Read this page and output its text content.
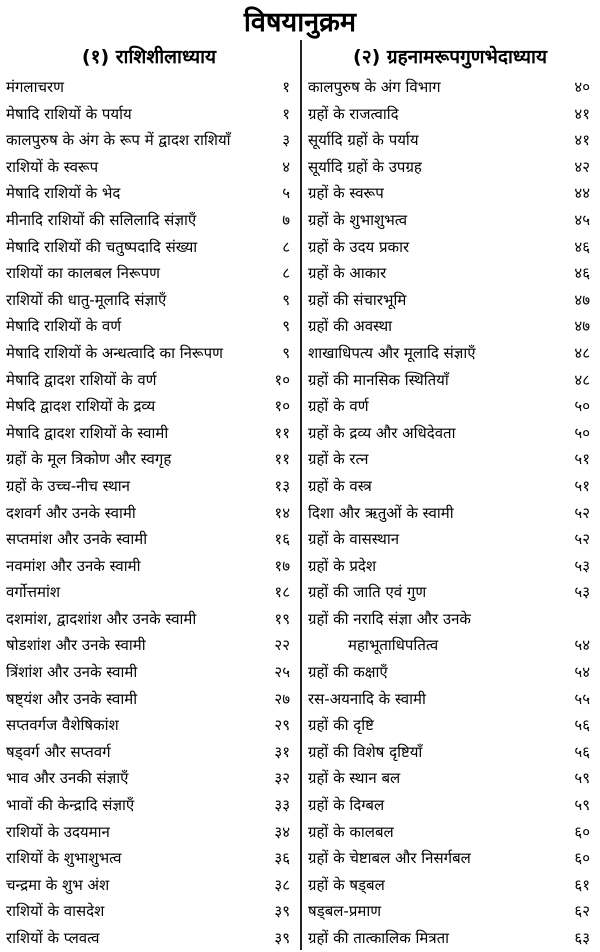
विषयानुक्रम
(१) राशिशीलाध्याय
मंगलाचरण	१
मेषादि राशियों के पर्याय	१
कालपुरुष के अंग के रूप में द्वादश राशियाँ	३
राशियों के स्वरूप	४
मेषादि राशियों के भेद	५
मीनादि राशियों की सलिलादि संज्ञाएँ	७
मेषादि राशियों की चतुष्पदादि संख्या	८
राशियों का कालबल निरूपण	८
राशियों की धातु-मूलादि संज्ञाएँ	९
मेषादि राशियों के वर्ण	९
मेषादि राशियों के अन्धत्वादि का निरूपण	९
मेषादि द्वादश राशियों के वर्ण	१०
मेषदि द्वादश राशियों के द्रव्य	१०
मेषादि द्वादश राशियों के स्वामी	११
ग्रहों के मूल त्रिकोण और स्वगृह	११
ग्रहों के उच्च-नीच स्थान	१३
दशवर्ग और उनके स्वामी	१४
सप्तमांश और उनके स्वामी	१६
नवमांश और उनके स्वामी	१७
वर्गोत्तमांश	१८
दशमांश, द्वादशांश और उनके स्वामी	१९
षोडशांश और उनके स्वामी	२२
त्रिंशांश और उनके स्वामी	२५
षष्ट्यंश और उनके स्वामी	२७
सप्तवर्गज वैशेषिकांश	२९
षड्वर्ग और सप्तवर्ग	३१
भाव और उनकी संज्ञाएँ	३२
भावों की केन्द्रादि संज्ञाएँ	३३
राशियों के उदयमान	३४
राशियों के शुभाशुभत्व	३६
चन्द्रमा के शुभ अंश	३८
राशियों के वासदेश	३९
राशियों के प्लवत्व	३९
(२) ग्रहनामरूपगुणभेदाध्याय
कालपुरुष के अंग विभाग	४०
ग्रहों के राजत्वादि	४१
सूर्यादि ग्रहों के पर्याय	४१
सूर्यादि ग्रहों के उपग्रह	४२
ग्रहों के स्वरूप	४४
ग्रहों के शुभाशुभत्व	४५
ग्रहों के उदय प्रकार	४६
ग्रहों के आकार	४६
ग्रहों की संचारभूमि	४७
ग्रहों की अवस्था	४७
शाखाधिपत्य और मूलादि संज्ञाएँ	४८
ग्रहों की मानसिक स्थितियाँ	४८
ग्रहों के वर्ण	५०
ग्रहों के द्रव्य और अधिदेवता	५०
ग्रहों के रत्न	५१
ग्रहों के वस्त्र	५१
दिशा और ऋतुओं के स्वामी	५२
ग्रहों के वासस्थान	५२
ग्रहों के प्रदेश	५३
ग्रहों की जाति एवं गुण	५३
ग्रहों की नरादि संज्ञा और उनके
महाभूताधिपतित्व	५४
ग्रहों की कक्षाएँ	५४
रस-अयनादि के स्वामी	५५
ग्रहों की दृष्टि	५६
ग्रहों की विशेष दृष्टियाँ	५६
ग्रहों के स्थान बल	५९
ग्रहों के दिग्बल	५९
ग्रहों के कालबल	६०
ग्रहों के चेष्टाबल और निसर्गबल	६०
ग्रहों के षड्बल	६१
षड्बल-प्रमाण	६२
ग्रहों की तात्कालिक मित्रता	६३
